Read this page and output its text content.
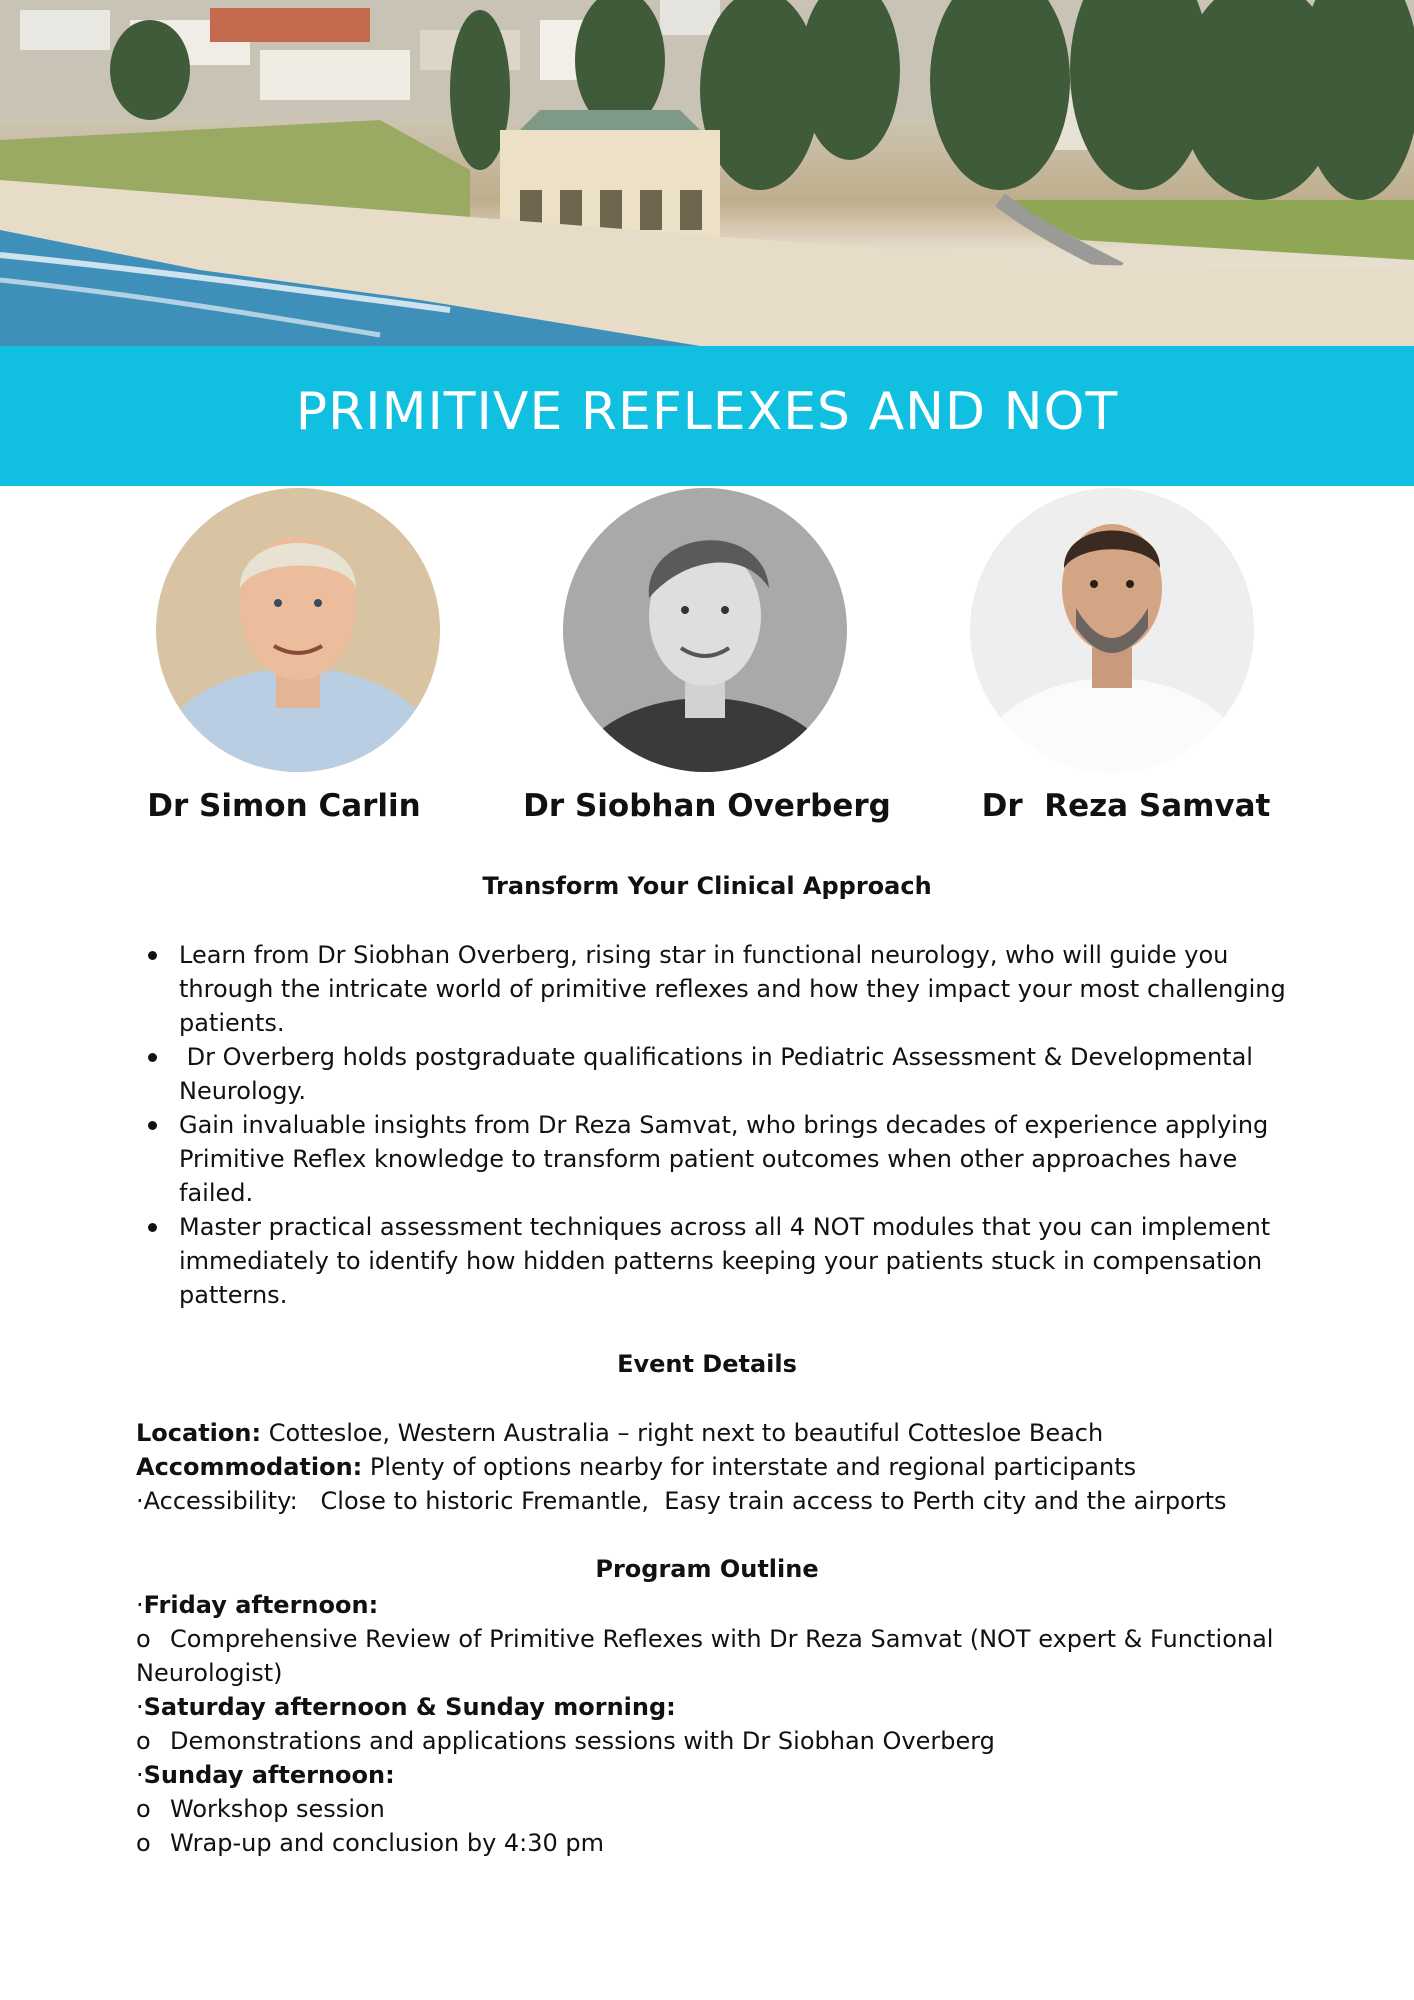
PRIMITIVE REFLEXES AND NOT
Dr Simon Carlin	Dr Siobhan Overberg	Dr  Reza Samvat
Transform Your Clinical Approach
Learn from Dr Siobhan Overberg, rising star in functional neurology, who will guide you through the intricate world of primitive reflexes and how they impact your most challenging patients.
Dr Overberg holds postgraduate qualifications in Pediatric Assessment & Developmental Neurology.
Gain invaluable insights from Dr Reza Samvat, who brings decades of experience applying Primitive Reflex knowledge to transform patient outcomes when other approaches have failed.
Master practical assessment techniques across all 4 NOT modules that you can implement immediately to identify how hidden patterns keeping your patients stuck in compensation patterns.
Event Details
Location: Cottesloe, Western Australia – right next to beautiful Cottesloe Beach
Accommodation: Plenty of options nearby for interstate and regional participants
·Accessibility:   Close to historic Fremantle,  Easy train access to Perth city and the airports
Program Outline
·Friday afternoon:
o Comprehensive Review of Primitive Reflexes with Dr Reza Samvat (NOT expert & Functional Neurologist)
·Saturday afternoon & Sunday morning:
o Demonstrations and applications sessions with Dr Siobhan Overberg
·Sunday afternoon:
o Workshop session
o Wrap-up and conclusion by 4:30 pm
